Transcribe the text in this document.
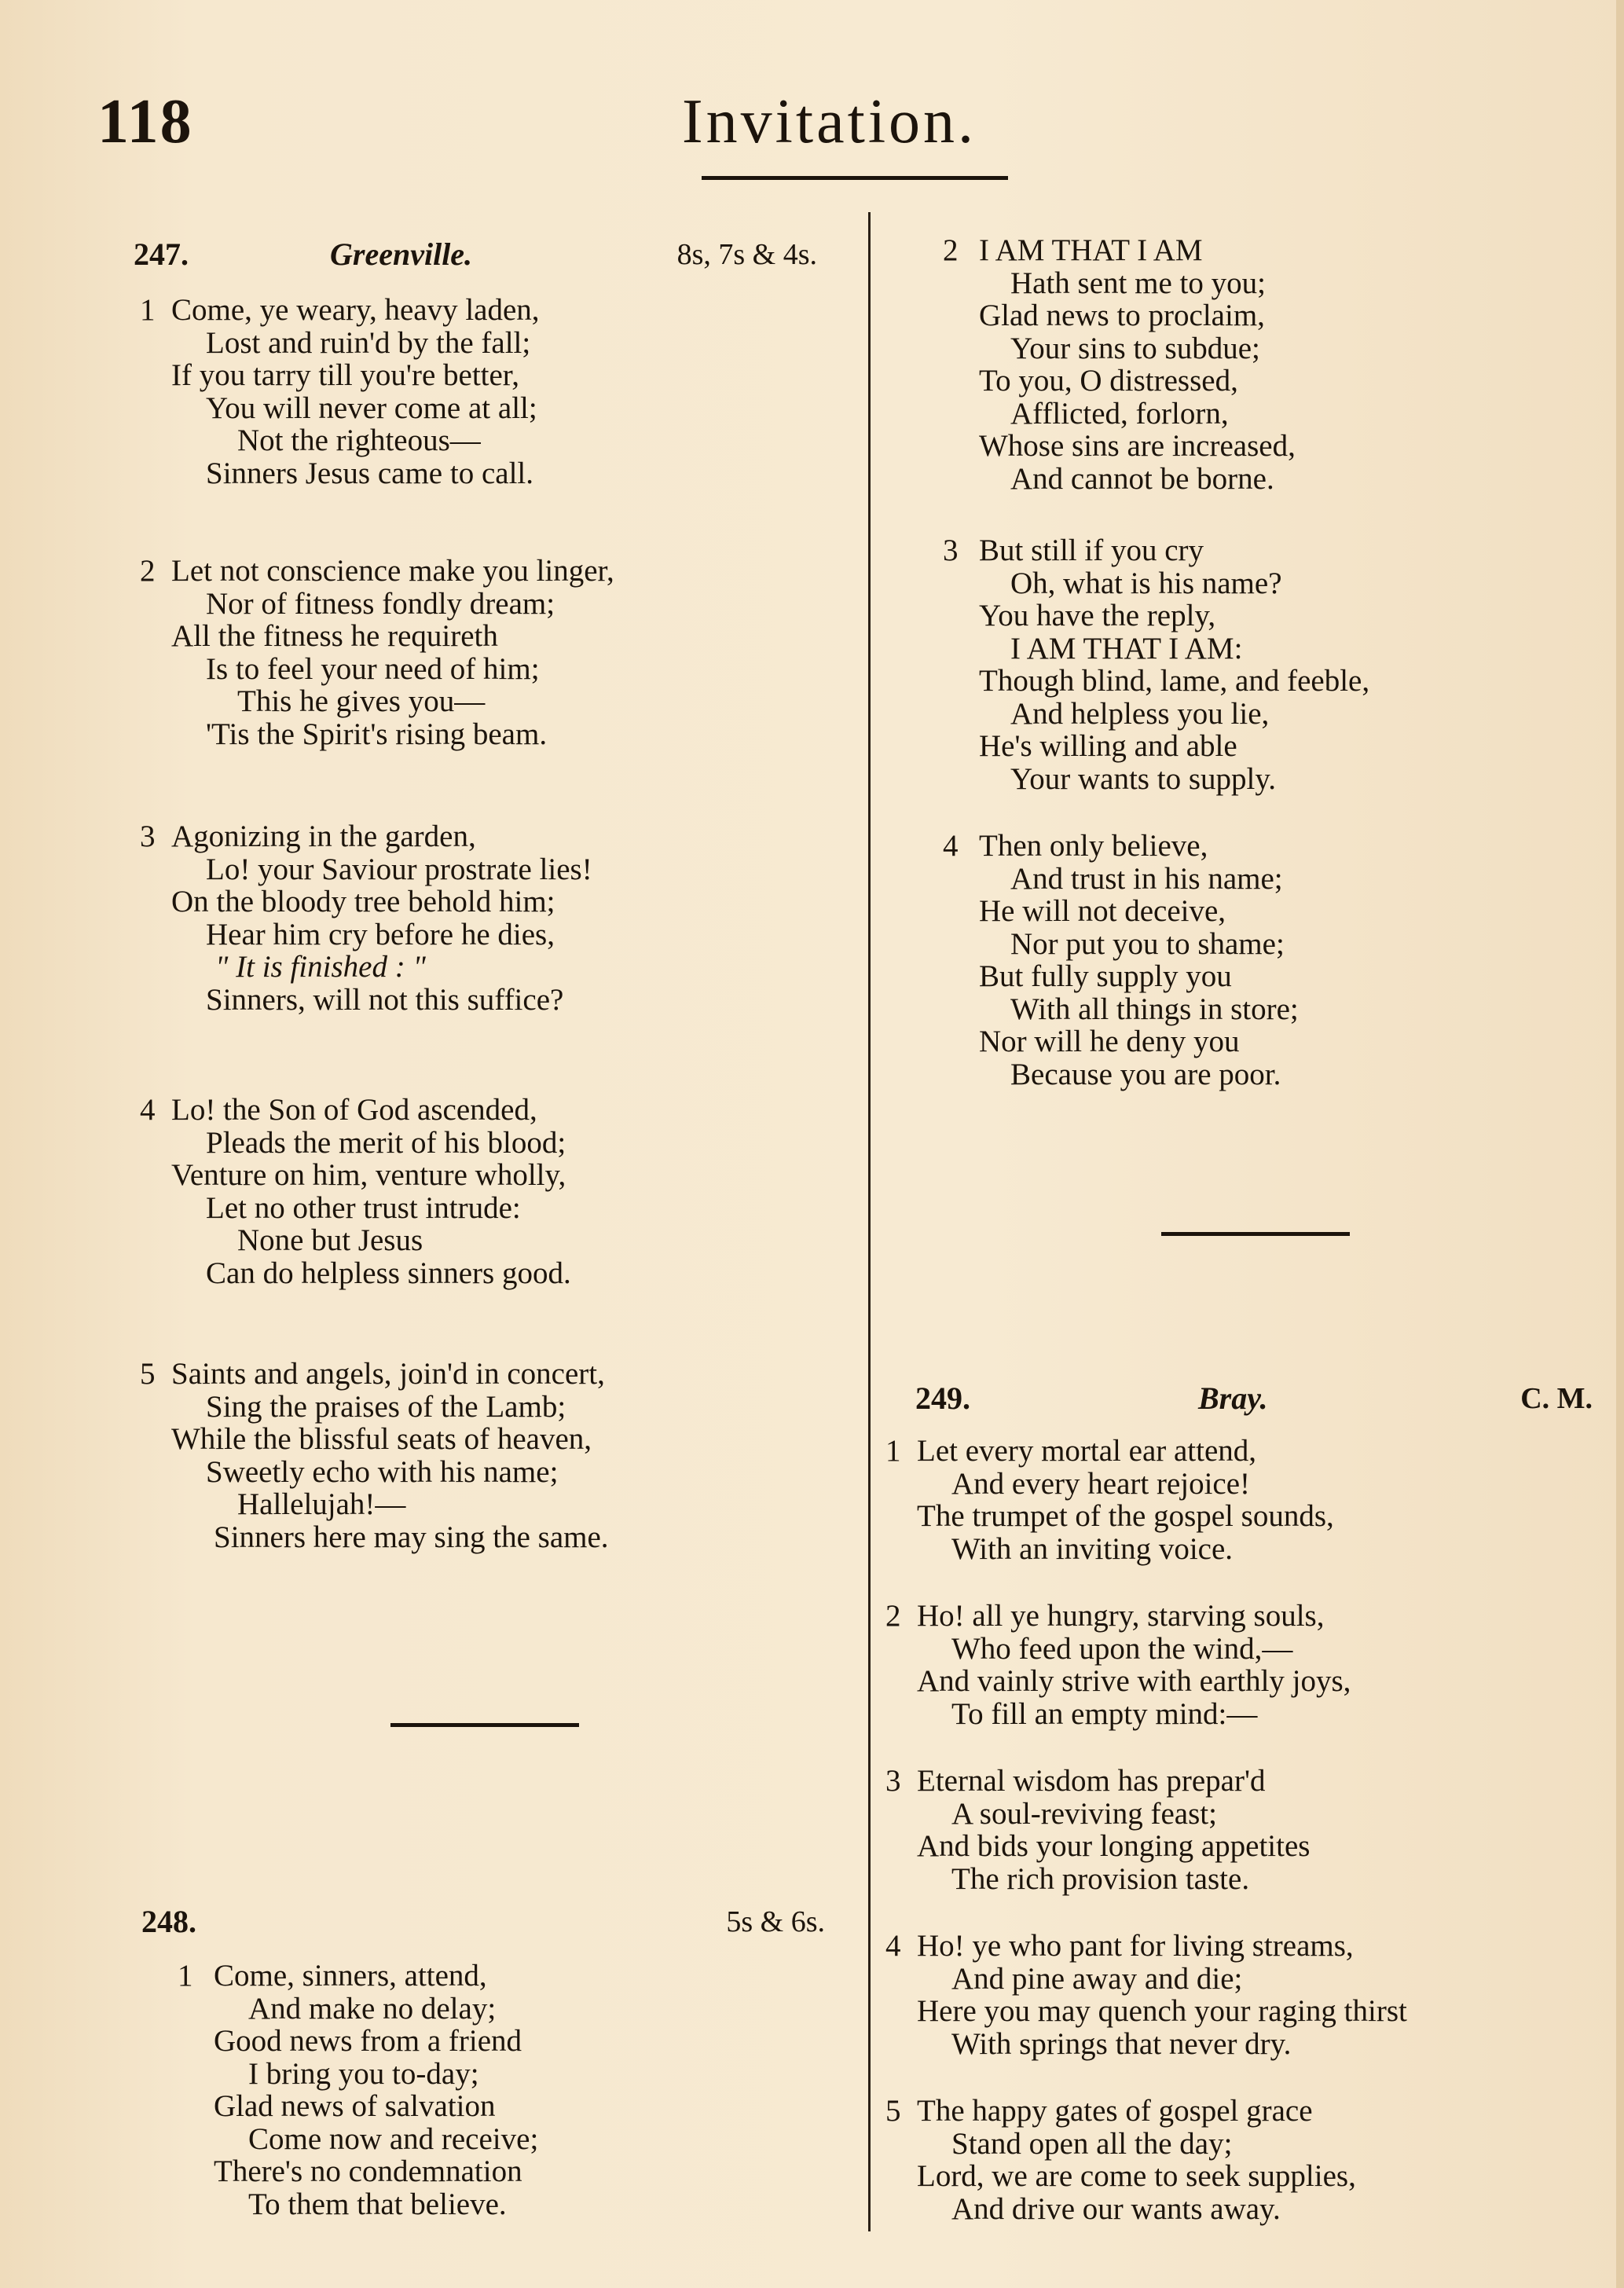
118	Invitation.
247.	Greenville.	8s, 7s & 4s.
1 Come, ye weary, heavy laden,
Lost and ruin'd by the fall;
If you tarry till you're better,
You will never come at all;
Not the righteous—
Sinners Jesus came to call.
2 Let not conscience make you linger,
Nor of fitness fondly dream;
All the fitness he requireth
Is to feel your need of him;
This he gives you—
'Tis the Spirit's rising beam.
3 Agonizing in the garden,
Lo! your Saviour prostrate lies!
On the bloody tree behold him;
Hear him cry before he dies,
" It is finished : "
Sinners, will not this suffice?
4 Lo! the Son of God ascended,
Pleads the merit of his blood;
Venture on him, venture wholly,
Let no other trust intrude:
None but Jesus
Can do helpless sinners good.
5 Saints and angels, join'd in concert,
Sing the praises of the Lamb;
While the blissful seats of heaven,
Sweetly echo with his name;
Hallelujah!—
Sinners here may sing the same.
248.	5s & 6s.
1 Come, sinners, attend,
And make no delay;
Good news from a friend
I bring you to-day;
Glad news of salvation
Come now and receive;
There's no condemnation
To them that believe.
2 I AM THAT I AM
Hath sent me to you;
Glad news to proclaim,
Your sins to subdue;
To you, O distressed,
Afflicted, forlorn,
Whose sins are increased,
And cannot be borne.
3 But still if you cry
Oh, what is his name?
You have the reply,
I AM THAT I AM:
Though blind, lame, and feeble,
And helpless you lie,
He's willing and able
Your wants to supply.
4 Then only believe,
And trust in his name;
He will not deceive,
Nor put you to shame;
But fully supply you
With all things in store;
Nor will he deny you
Because you are poor.
249.	Bray.	C. M.
1 Let every mortal ear attend,
And every heart rejoice!
The trumpet of the gospel sounds,
With an inviting voice.
2 Ho! all ye hungry, starving souls,
Who feed upon the wind,—
And vainly strive with earthly joys,
To fill an empty mind:—
3 Eternal wisdom has prepar'd
A soul-reviving feast;
And bids your longing appetites
The rich provision taste.
4 Ho! ye who pant for living streams,
And pine away and die;
Here you may quench your raging thirst
With springs that never dry.
5 The happy gates of gospel grace
Stand open all the day;
Lord, we are come to seek supplies,
And drive our wants away.
